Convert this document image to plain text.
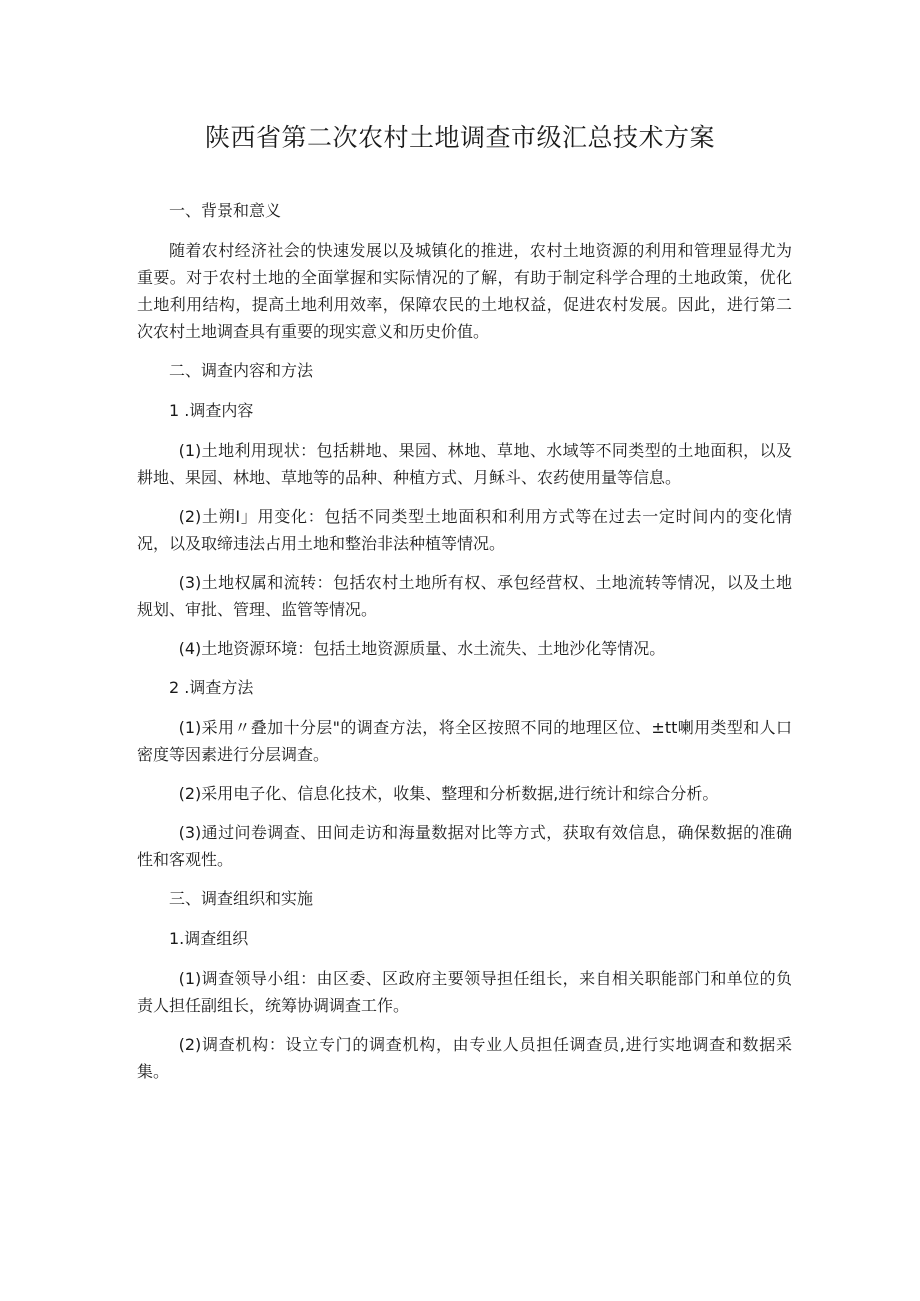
陕西省第二次农村土地调查市级汇总技术方案

一、背景和意义

随着农村经济社会的快速发展以及城镇化的推进，农村土地资源的利用和管理显得尤为重要。对于农村土地的全面掌握和实际情况的了解，有助于制定科学合理的土地政策，优化土地利用结构，提高土地利用效率，保障农民的土地权益，促进农村发展。因此，进行第二次农村土地调查具有重要的现实意义和历史价值。

二、调查内容和方法

1 .调查内容

(1)土地利用现状：包括耕地、果园、林地、草地、水域等不同类型的土地面积，以及耕地、果园、林地、草地等的品种、种植方式、月稣斗、农药使用量等信息。

(2)土朔I」用变化：包括不同类型土地面积和利用方式等在过去一定时间内的变化情况，以及取缔违法占用土地和整治非法种植等情况。

(3)土地权属和流转：包括农村土地所有权、承包经营权、土地流转等情况，以及土地规划、审批、管理、监管等情况。

(4)土地资源环境：包括土地资源质量、水土流失、土地沙化等情况。

2 .调查方法

(1)采用〃叠加十分层"的调查方法，将全区按照不同的地理区位、±tt喇用类型和人口密度等因素进行分层调查。

(2)采用电子化、信息化技术，收集、整理和分析数据,进行统计和综合分析。

(3)通过问卷调查、田间走访和海量数据对比等方式，获取有效信息，确保数据的准确性和客观性。

三、调查组织和实施

1.调查组织

(1)调查领导小组：由区委、区政府主要领导担任组长，来自相关职能部门和单位的负责人担任副组长，统筹协调调查工作。

(2)调查机构：设立专门的调查机构，由专业人员担任调查员,进行实地调查和数据采集。
